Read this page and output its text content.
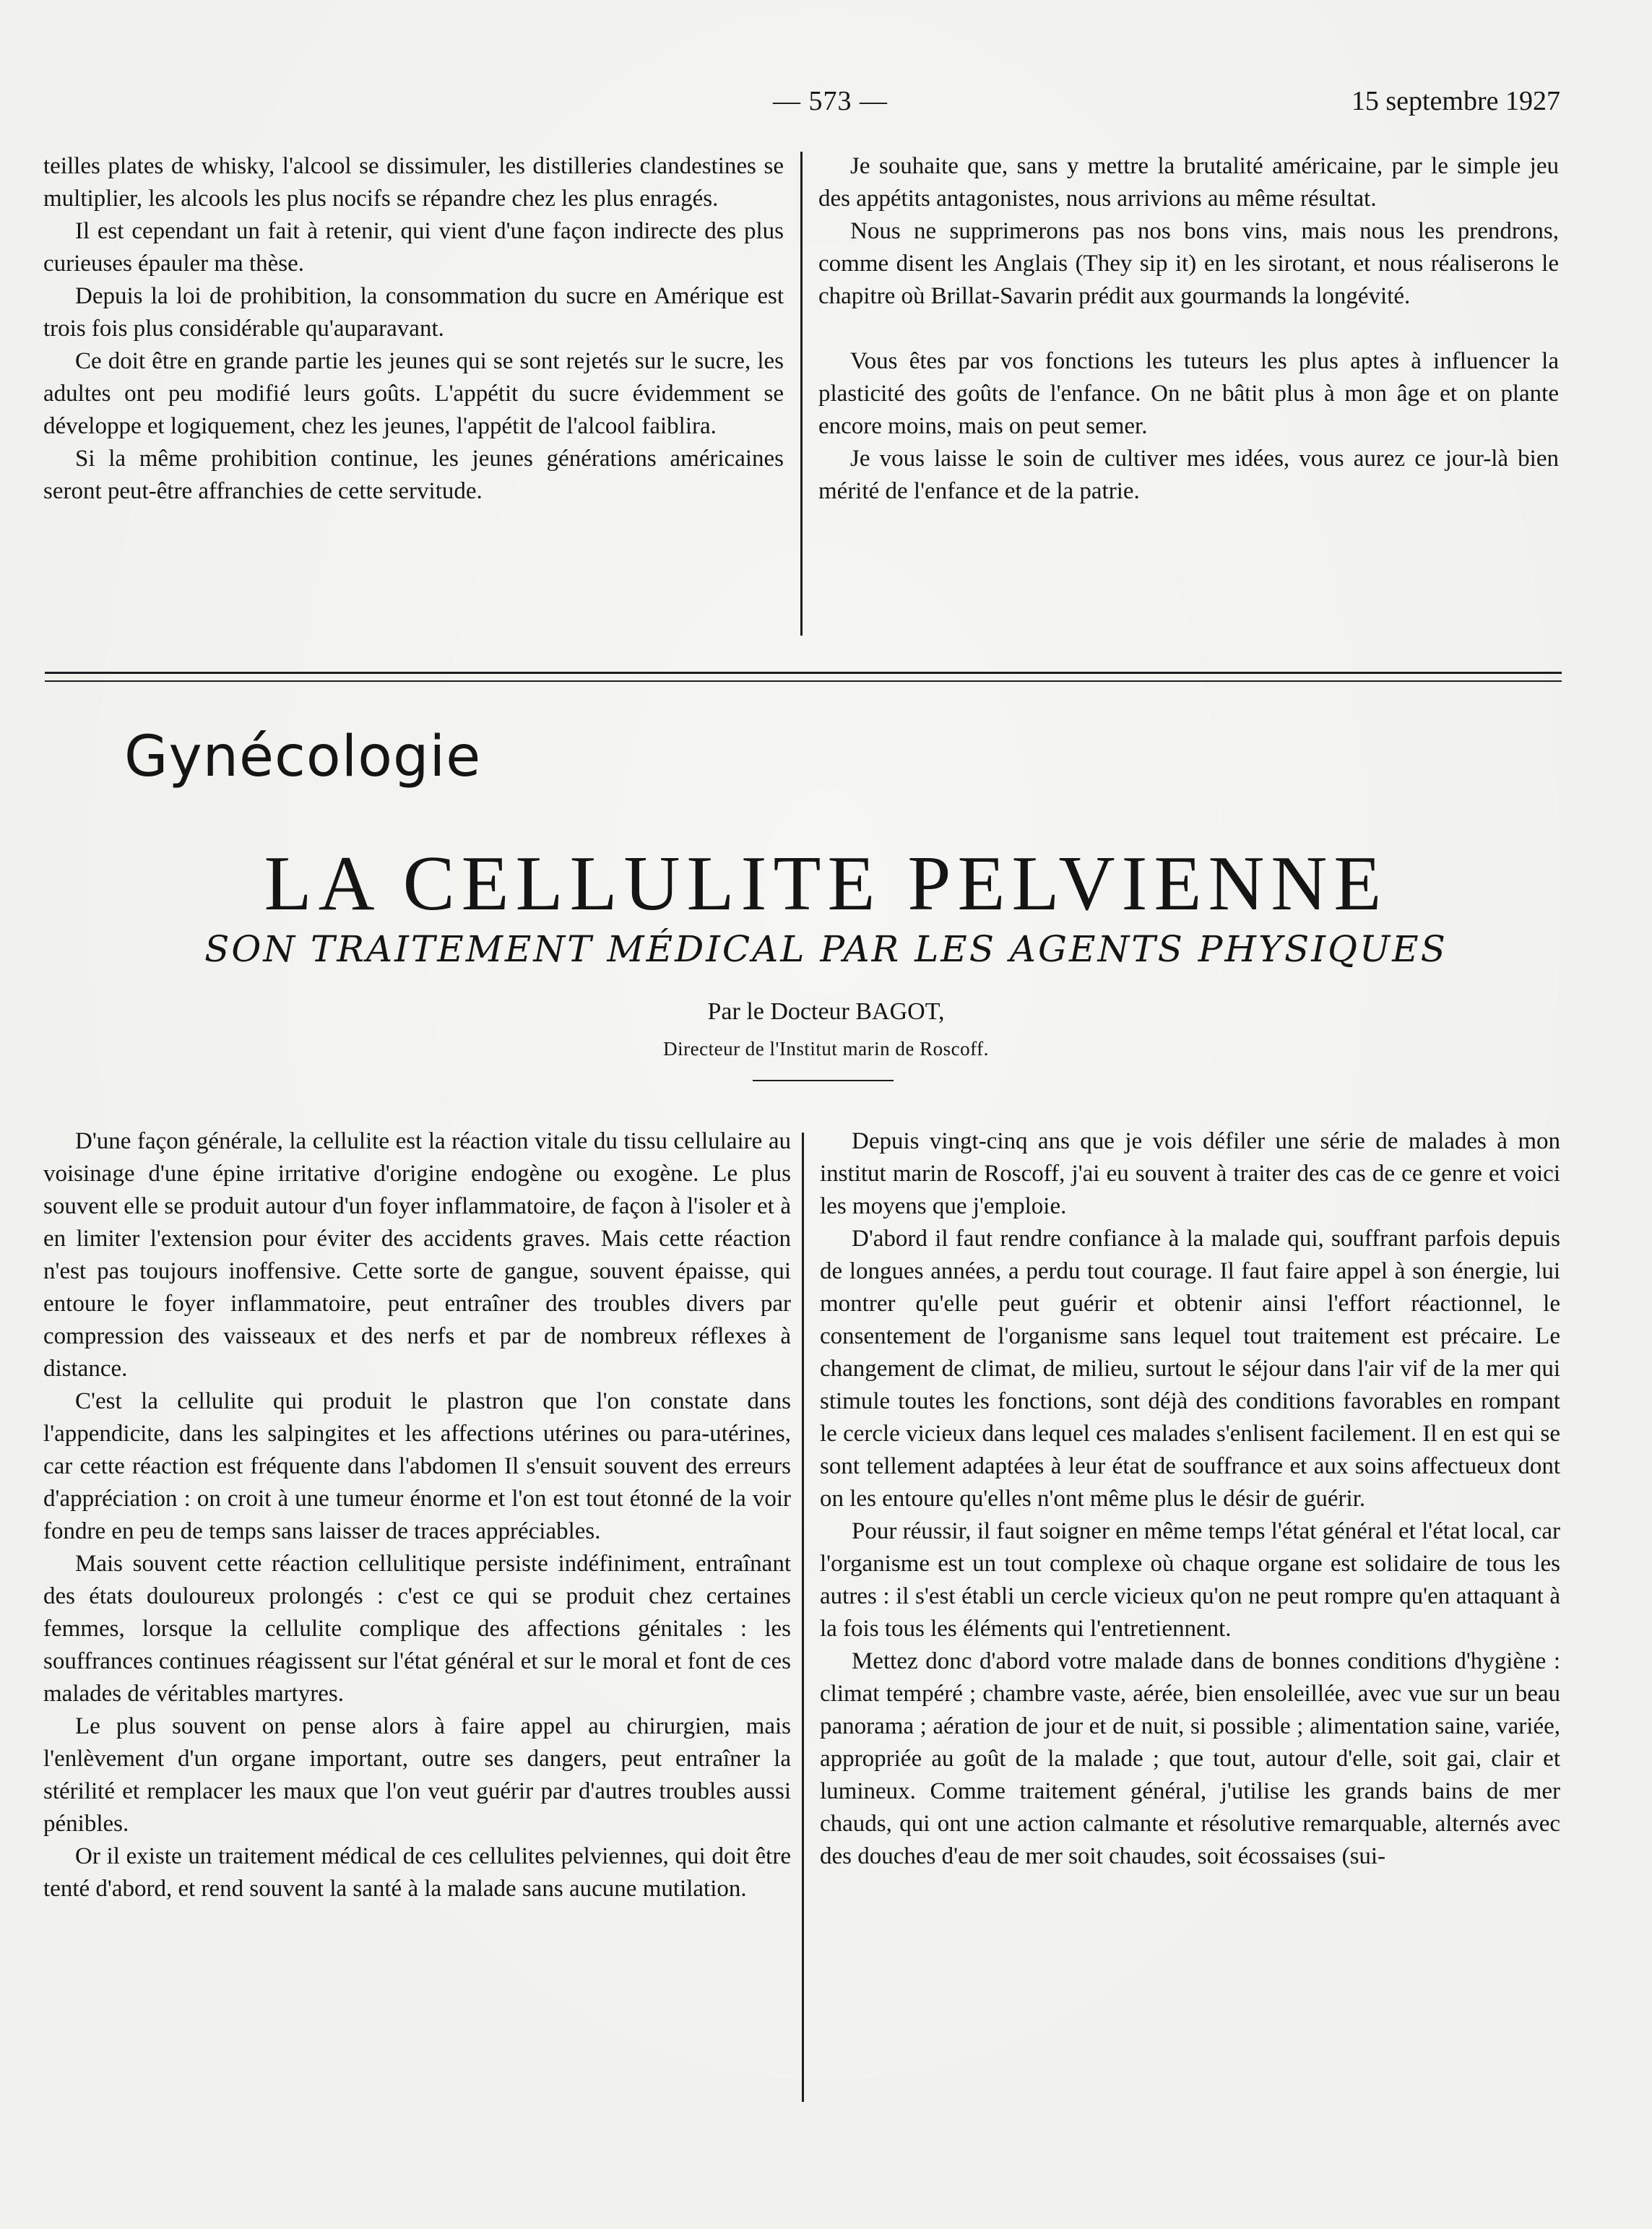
— 573 —	15 septembre 1927

teilles plates de whisky, l'alcool se dissimuler, les distilleries clandestines se multiplier, les alcools les plus nocifs se répandre chez les plus enragés.

Il est cependant un fait à retenir, qui vient d'une façon indirecte des plus curieuses épauler ma thèse.

Depuis la loi de prohibition, la consommation du sucre en Amérique est trois fois plus considérable qu'auparavant.

Ce doit être en grande partie les jeunes qui se sont rejetés sur le sucre, les adultes ont peu modifié leurs goûts. L'appétit du sucre évidemment se développe et logiquement, chez les jeunes, l'appétit de l'alcool faiblira.

Si la même prohibition continue, les jeunes générations américaines seront peut-être affranchies de cette servitude.

Je souhaite que, sans y mettre la brutalité américaine, par le simple jeu des appétits antagonistes, nous arrivions au même résultat.

Nous ne supprimerons pas nos bons vins, mais nous les prendrons, comme disent les Anglais (They sip it) en les sirotant, et nous réaliserons le chapitre où Brillat-Savarin prédit aux gourmands la longévité.

Vous êtes par vos fonctions les tuteurs les plus aptes à influencer la plasticité des goûts de l'enfance. On ne bâtit plus à mon âge et on plante encore moins, mais on peut semer.

Je vous laisse le soin de cultiver mes idées, vous aurez ce jour-là bien mérité de l'enfance et de la patrie.

Gynécologie
LA CELLULITE PELVIENNE
SON TRAITEMENT MÉDICAL PAR LES AGENTS PHYSIQUES
Par le Docteur BAGOT,
Directeur de l'Institut marin de Roscoff.

D'une façon générale, la cellulite est la réaction vitale du tissu cellulaire au voisinage d'une épine irritative d'origine endogène ou exogène. Le plus souvent elle se produit autour d'un foyer inflammatoire, de façon à l'isoler et à en limiter l'extension pour éviter des accidents graves. Mais cette réaction n'est pas toujours inoffensive. Cette sorte de gangue, souvent épaisse, qui entoure le foyer inflammatoire, peut entraîner des troubles divers par compression des vaisseaux et des nerfs et par de nombreux réflexes à distance.

C'est la cellulite qui produit le plastron que l'on constate dans l'appendicite, dans les salpingites et les affections utérines ou para-utérines, car cette réaction est fréquente dans l'abdomen Il s'ensuit souvent des erreurs d'appréciation : on croit à une tumeur énorme et l'on est tout étonné de la voir fondre en peu de temps sans laisser de traces appréciables.

Mais souvent cette réaction cellulitique persiste indéfiniment, entraînant des états douloureux prolongés : c'est ce qui se produit chez certaines femmes, lorsque la cellulite complique des affections génitales : les souffrances continues réagissent sur l'état général et sur le moral et font de ces malades de véritables martyres.

Le plus souvent on pense alors à faire appel au chirurgien, mais l'enlèvement d'un organe important, outre ses dangers, peut entraîner la stérilité et remplacer les maux que l'on veut guérir par d'autres troubles aussi pénibles.

Or il existe un traitement médical de ces cellulites pelviennes, qui doit être tenté d'abord, et rend souvent la santé à la malade sans aucune mutilation.

Depuis vingt-cinq ans que je vois défiler une série de malades à mon institut marin de Roscoff, j'ai eu souvent à traiter des cas de ce genre et voici les moyens que j'emploie.

D'abord il faut rendre confiance à la malade qui, souffrant parfois depuis de longues années, a perdu tout courage. Il faut faire appel à son énergie, lui montrer qu'elle peut guérir et obtenir ainsi l'effort réactionnel, le consentement de l'organisme sans lequel tout traitement est précaire. Le changement de climat, de milieu, surtout le séjour dans l'air vif de la mer qui stimule toutes les fonctions, sont déjà des conditions favorables en rompant le cercle vicieux dans lequel ces malades s'enlisent facilement. Il en est qui se sont tellement adaptées à leur état de souffrance et aux soins affectueux dont on les entoure qu'elles n'ont même plus le désir de guérir.

Pour réussir, il faut soigner en même temps l'état général et l'état local, car l'organisme est un tout complexe où chaque organe est solidaire de tous les autres : il s'est établi un cercle vicieux qu'on ne peut rompre qu'en attaquant à la fois tous les éléments qui l'entretiennent.

Mettez donc d'abord votre malade dans de bonnes conditions d'hygiène : climat tempéré ; chambre vaste, aérée, bien ensoleillée, avec vue sur un beau panorama ; aération de jour et de nuit, si possible ; alimentation saine, variée, appropriée au goût de la malade ; que tout, autour d'elle, soit gai, clair et lumineux. Comme traitement général, j'utilise les grands bains de mer chauds, qui ont une action calmante et résolutive remarquable, alternés avec des douches d'eau de mer soit chaudes, soit écossaises (sui-
